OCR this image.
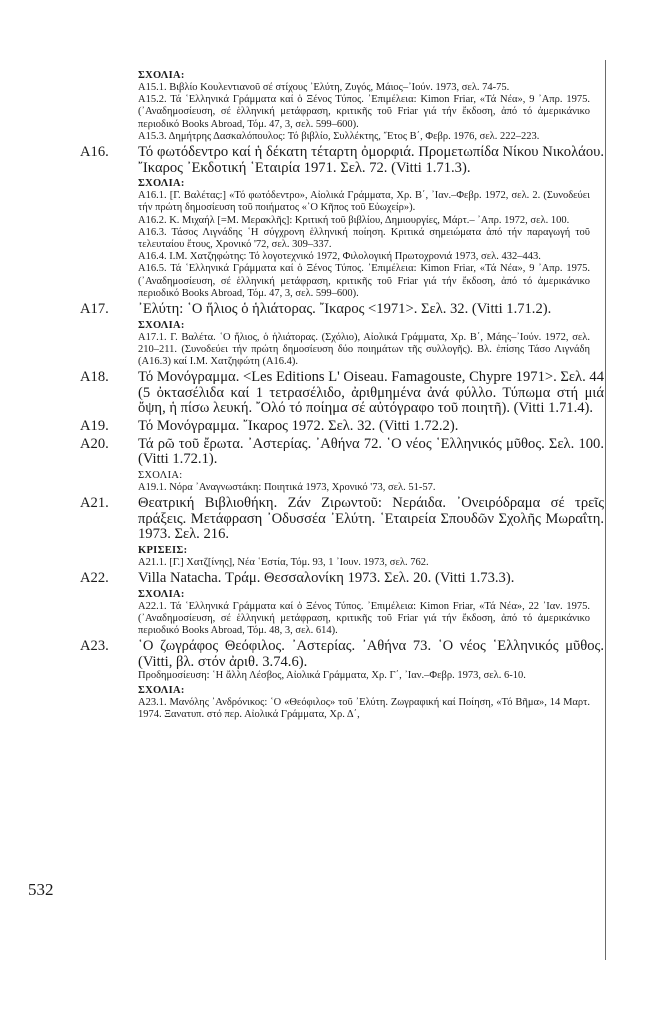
ΣΧΟΛΙΑ:
Α15.1. Βιβλίο Κουλεντιανοῦ σέ στίχους ᾿Ελύτη, Ζυγός, Μάιος–᾿Ιούν. 1973, σελ. 74-75.
Α15.2. Τά ῾Ελληνικά Γράμματα καί ὁ Ξένος Τύπος. ᾿Επιμέλεια: Kimon Friar, «Τά Νέα», 9 ᾿Απρ. 1975. (᾿Αναδημοσίευση, σέ ἑλληνική μετάφραση, κριτικῆς τοῦ Friar γιά τήν ἔκδοση, ἀπό τό ἀμερικάνικο περιοδικό Books Abroad, Τόμ. 47, 3, σελ. 599–600).
Α15.3. Δημήτρης Δασκαλόπουλος: Τό βιβλίο, Συλλέκτης, ῎Ετος Β΄, Φεβρ. 1976, σελ. 222–223.
Α16. Τό φωτόδεντρο καί ἡ δέκατη τέταρτη ὀμορφιά. Προμετωπίδα Νίκου Νικολάου. ῎Ικαρος ᾿Εκδοτική ῾Εταιρία 1971. Σελ. 72. (Vitti 1.71.3).
ΣΧΟΛΙΑ:
Α16.1. [Γ. Βαλέτας:] «Τό φωτόδεντρο», Αἰολικά Γράμματα, Χρ. Β΄, ᾿Ιαν.–Φεβρ. 1972, σελ. 2. (Συνοδεύει τήν πρώτη δημοσίευση τοῦ ποιήματος «᾿Ο Κῆπος τοῦ Εὐωχείρ»).
Α16.2. Κ. Μιχαήλ [=Μ. Μερακλῆς]: Κριτική τοῦ βιβλίου, Δημιουργίες, Μάρτ.– ᾿Απρ. 1972, σελ. 100.
Α16.3. Τάσος Λιγνάδης ῾Η σύγχρονη ἑλληνική ποίηση. Κριτικά σημειώματα ἀπό τήν παραγωγή τοῦ τελευταίου ἔτους, Χρονικό '72, σελ. 309–337.
Α16.4. Ι.Μ. Χατζηφώτης: Τό λογοτεχνικό 1972, Φιλολογική Πρωτοχρονιά 1973, σελ. 432–443.
Α16.5. Τά ῾Ελληνικά Γράμματα καί ὁ Ξένος Τύπος. ᾿Επιμέλεια: Kimon Friar, «Τά Νέα», 9 ᾿Απρ. 1975. (᾿Αναδημοσίευση, σέ ἑλληνική μετάφραση, κριτικῆς τοῦ Friar γιά τήν ἔκδοση, ἀπό τό ἀμερικάνικο περιοδικό Books Abroad, Τόμ. 47, 3, σελ. 599–600).
Α17. ᾿Ελύτη: ῾Ο ἥλιος ὁ ἡλιάτορας. ῎Ικαρος <1971>. Σελ. 32. (Vitti 1.71.2).
ΣΧΟΛΙΑ:
Α17.1. Γ. Βαλέτα. ῾Ο ἥλιος, ὁ ἡλιάτορας. (Σχόλιο), Αἰολικά Γράμματα, Χρ. Β΄, Μάης–᾿Ιούν. 1972, σελ. 210–211. (Συνοδεύει τήν πρώτη δημοσίευση δύο ποιημάτων τῆς συλλογῆς). Βλ. ἐπίσης Τάσο Λιγνάδη (Α16.3) καί Ι.Μ. Χατζηφώτη (Α16.4).
Α18. Τό Μονόγραμμα. <Les Editions L' Oiseau. Famagouste, Chypre 1971>. Σελ. 44 (5 ὀκτασέλιδα καί 1 τετρασέλιδο, ἀριθμημένα ἀνά φύλλο. Τύπωμα στή μιά ὄψη, ἡ πίσω λευκή. ῎Ολό τό ποίημα σέ αὐτόγραφο τοῦ ποιητῆ). (Vitti 1.71.4).
Α19. Τό Μονόγραμμα. ῎Ικαρος 1972. Σελ. 32. (Vitti 1.72.2).
Α20. Τά ρῶ τοῦ ἔρωτα. ᾿Αστερίας. ᾿Αθήνα 72. ῾Ο νέος ῾Ελληνικός μῦθος. Σελ. 100. (Vitti 1.72.1).
ΣΧΟΛΙΑ:
Α19.1. Νόρα ᾿Αναγνωστάκη: Ποιητικά 1973, Χρονικό '73, σελ. 51-57.
Α21. Θεατρική Βιβλιοθήκη. Ζάν Ζιρωντοῦ: Νεράιδα. ᾿Ονειρόδραμα σέ τρεῖς πράξεις. Μετάφραση ᾿Οδυσσέα ᾿Ελύτη. ῾Εταιρεία Σπουδῶν Σχολῆς Μωραΐτη. 1973. Σελ. 216.
ΚΡΙΣΕΙΣ:
Α21.1. [Γ.] Χατζ[ίνης], Νέα ῾Εστία, Τόμ. 93, 1 ᾿Ιουν. 1973, σελ. 762.
Α22. Villa Natacha. Τράμ. Θεσσαλονίκη 1973. Σελ. 20. (Vitti 1.73.3).
ΣΧΟΛΙΑ:
Α22.1. Τά ῾Ελληνικά Γράμματα καί ὁ Ξένος Τύπος. ᾿Επιμέλεια: Kimon Friar, «Τά Νέα», 22 ᾿Ιαν. 1975. (᾿Αναδημοσίευση, σέ ἑλληνική μετάφραση, κριτικῆς τοῦ Friar γιά τήν ἔκδοση, ἀπό τό ἀμερικάνικο περιοδικό Books Abroad, Τόμ. 48, 3, σελ. 614).
Α23. ῾Ο ζωγράφος Θεόφιλος. ᾿Αστερίας. ᾿Αθήνα 73. ῾Ο νέος ῾Ελληνικός μῦθος. (Vitti, βλ. στόν ἀριθ. 3.74.6).
Προδημοσίευση: ῾Η ἄλλη Λέσβος, Αἰολικά Γράμματα, Χρ. Γ΄, ᾿Ιαν.–Φεβρ. 1973, σελ. 6-10.
ΣΧΟΛΙΑ:
Α23.1. Μανόλης ᾿Ανδρόνικος: ῾Ο «Θεόφιλος» τοῦ ᾿Ελύτη. Ζωγραφική καί Ποίηση, «Τό Βῆμα», 14 Μαρτ. 1974. Ξανατυπ. στό περ. Αἰολικά Γράμματα, Χρ. Δ΄,
532
